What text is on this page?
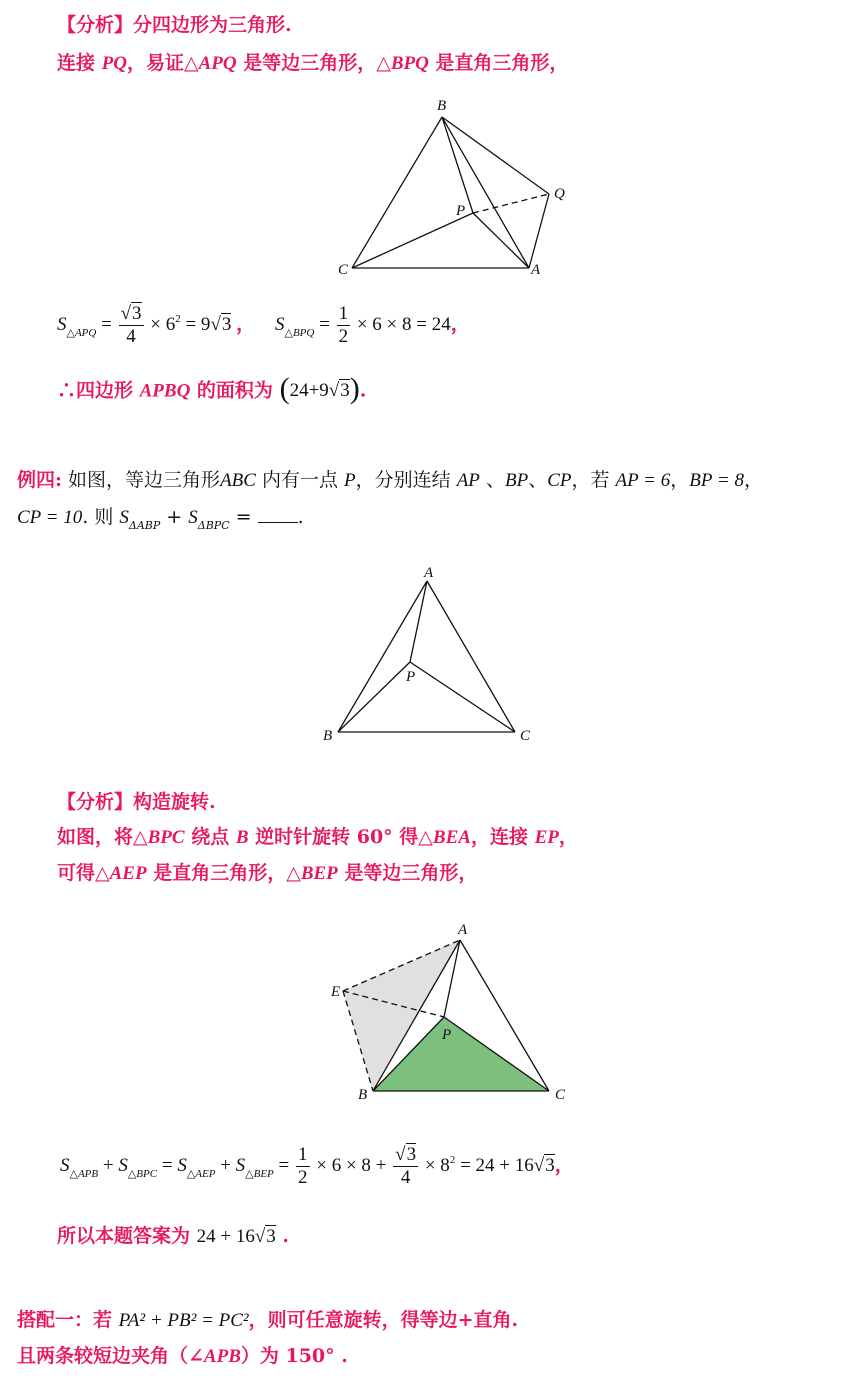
【分析】分四边形为三角形.
连接 PQ，易证△APQ 是等边三角形，△BPQ 是直角三角形，
B
Q
P
C	A
$S_{\triangle APQ} = \frac{√3}{4} \times 6^2 = 9√3$ ， $S_{\triangle BPQ} = \frac{1}{2} \times 6 \times 8 = 24$，
∴四边形 APBQ 的面积为 (24+9√3).
例四: 如图，等边三角形ABC 内有一点 P，分别连结 AP 、BP、CP，若 AP = 6，BP = 8，
CP = 10. 则 $S_{\Delta ABP} + S_{\Delta BPC}$ = .
A
P
B	C
【分析】构造旋转.
如图，将△BPC 绕点 B 逆时针旋转 60° 得△BEA，连接 EP，
可得△AEP 是直角三角形，△BEP 是等边三角形，
A
E
P
B	C
$S_{\triangle APB} + S_{\triangle BPC} = S_{\triangle AEP} + S_{\triangle BEP} = \frac{1}{2} \times 6 \times 8 + \frac{√3}{4} \times 8^2 = 24 + 16√3$，
所以本题答案为 24 + 16√3 .
搭配一：若 PA² + PB² = PC²，则可任意旋转，得等边+直角.
且两条较短边夹角（∠APB）为 150° .
